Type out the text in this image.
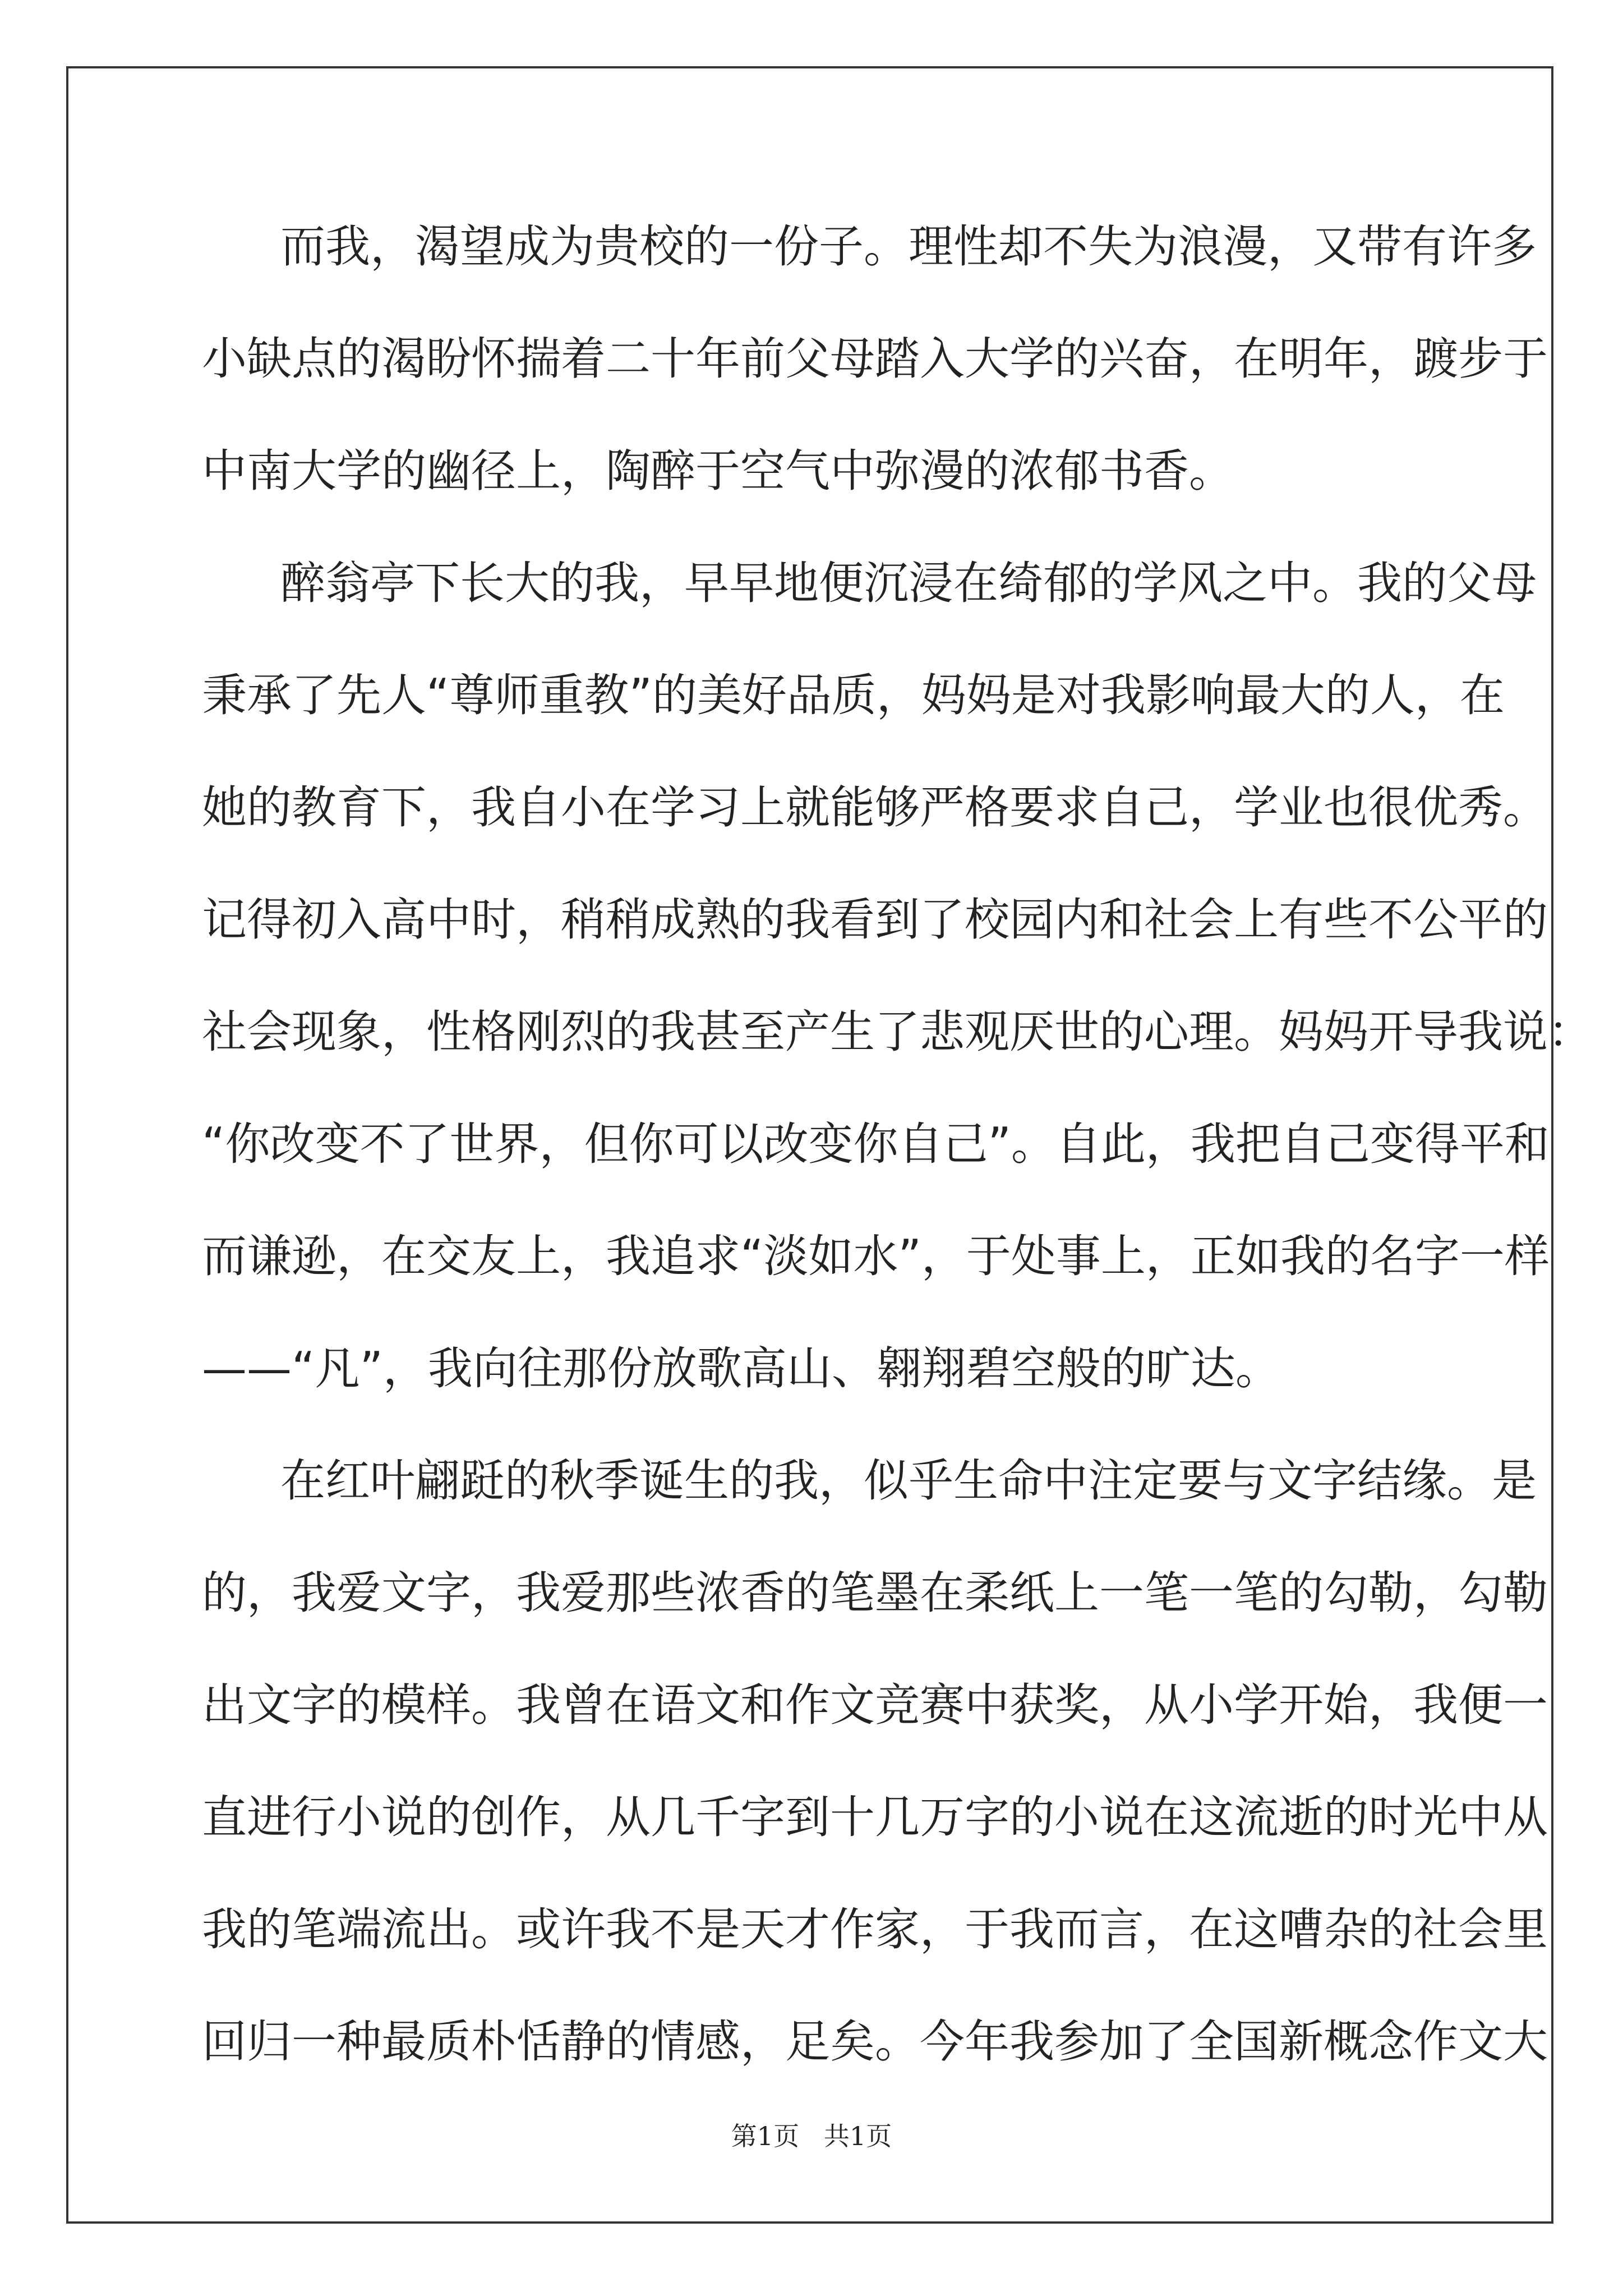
而我，渴望成为贵校的一份子。理性却不失为浪漫，又带有许多
小缺点的渴盼怀揣着二十年前父母踏入大学的兴奋，在明年，踱步于
中南大学的幽径上，陶醉于空气中弥漫的浓郁书香。
醉翁亭下长大的我，早早地便沉浸在绮郁的学风之中。我的父母
秉承了先人“尊师重教”的美好品质，妈妈是对我影响最大的人，在
她的教育下，我自小在学习上就能够严格要求自己，学业也很优秀。
记得初入高中时，稍稍成熟的我看到了校园内和社会上有些不公平的
社会现象，性格刚烈的我甚至产生了悲观厌世的心理。妈妈开导我说：
“你改变不了世界，但你可以改变你自己”。自此，我把自己变得平和
而谦逊，在交友上，我追求“淡如水”，于处事上，正如我的名字一样
——“凡”，我向往那份放歌高山、翱翔碧空般的旷达。
在红叶翩跹的秋季诞生的我，似乎生命中注定要与文字结缘。是
的，我爱文字，我爱那些浓香的笔墨在柔纸上一笔一笔的勾勒，勾勒
出文字的模样。我曾在语文和作文竞赛中获奖，从小学开始，我便一
直进行小说的创作，从几千字到十几万字的小说在这流逝的时光中从
我的笔端流出。或许我不是天才作家，于我而言，在这嘈杂的社会里
回归一种最质朴恬静的情感，足矣。今年我参加了全国新概念作文大
第1页   共1页
